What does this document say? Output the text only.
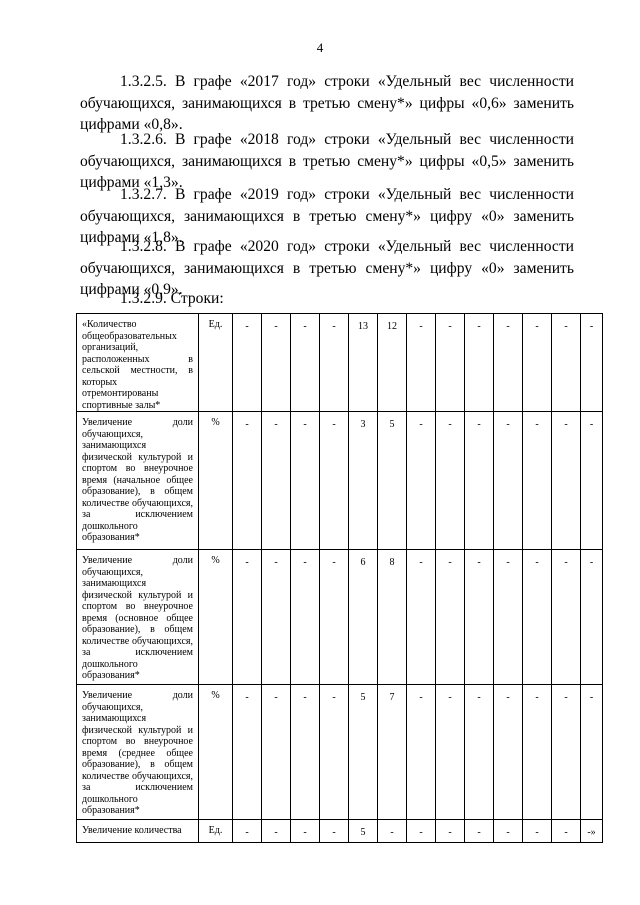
4

1.3.2.5. В графе «2017 год» строки «Удельный вес численности обучающихся, занимающихся в третью смену*» цифры «0,6» заменить цифрами «0,8».

1.3.2.6. В графе «2018 год» строки «Удельный вес численности обучающихся, занимающихся в третью смену*» цифры «0,5» заменить цифрами «1,3».

1.3.2.7. В графе «2019 год» строки «Удельный вес численности обучающихся, занимающихся в третью смену*» цифру «0» заменить цифрами «1,8».

1.3.2.8. В графе «2020 год» строки «Удельный вес численности обучающихся, занимающихся в третью смену*» цифру «0» заменить цифрами «0,9».

1.3.2.9. Строки:

«Количество общеобразовательных организаций, расположенных в сельской местности, в которых отремонтированы спортивные залы*	Ед.	-	-	-	-	13	12	-	-	-	-	-	-	-
Увеличение доли обучающихся, занимающихся физической культурой и спортом во внеурочное время (начальное общее образование), в общем количестве обучающихся, за исключением дошкольного образования*	%	-	-	-	-	3	5	-	-	-	-	-	-	-
Увеличение доли обучающихся, занимающихся физической культурой и спортом во внеурочное время (основное общее образование), в общем количестве обучающихся, за исключением дошкольного образования*	%	-	-	-	-	6	8	-	-	-	-	-	-	-
Увеличение доли обучающихся, занимающихся физической культурой и спортом во внеурочное время (среднее общее образование), в общем количестве обучающихся, за исключением дошкольного образования*	%	-	-	-	-	5	7	-	-	-	-	-	-	-
Увеличение количества	Ед.	-	-	-	-	5	-	-	-	-	-	-	-	-»
